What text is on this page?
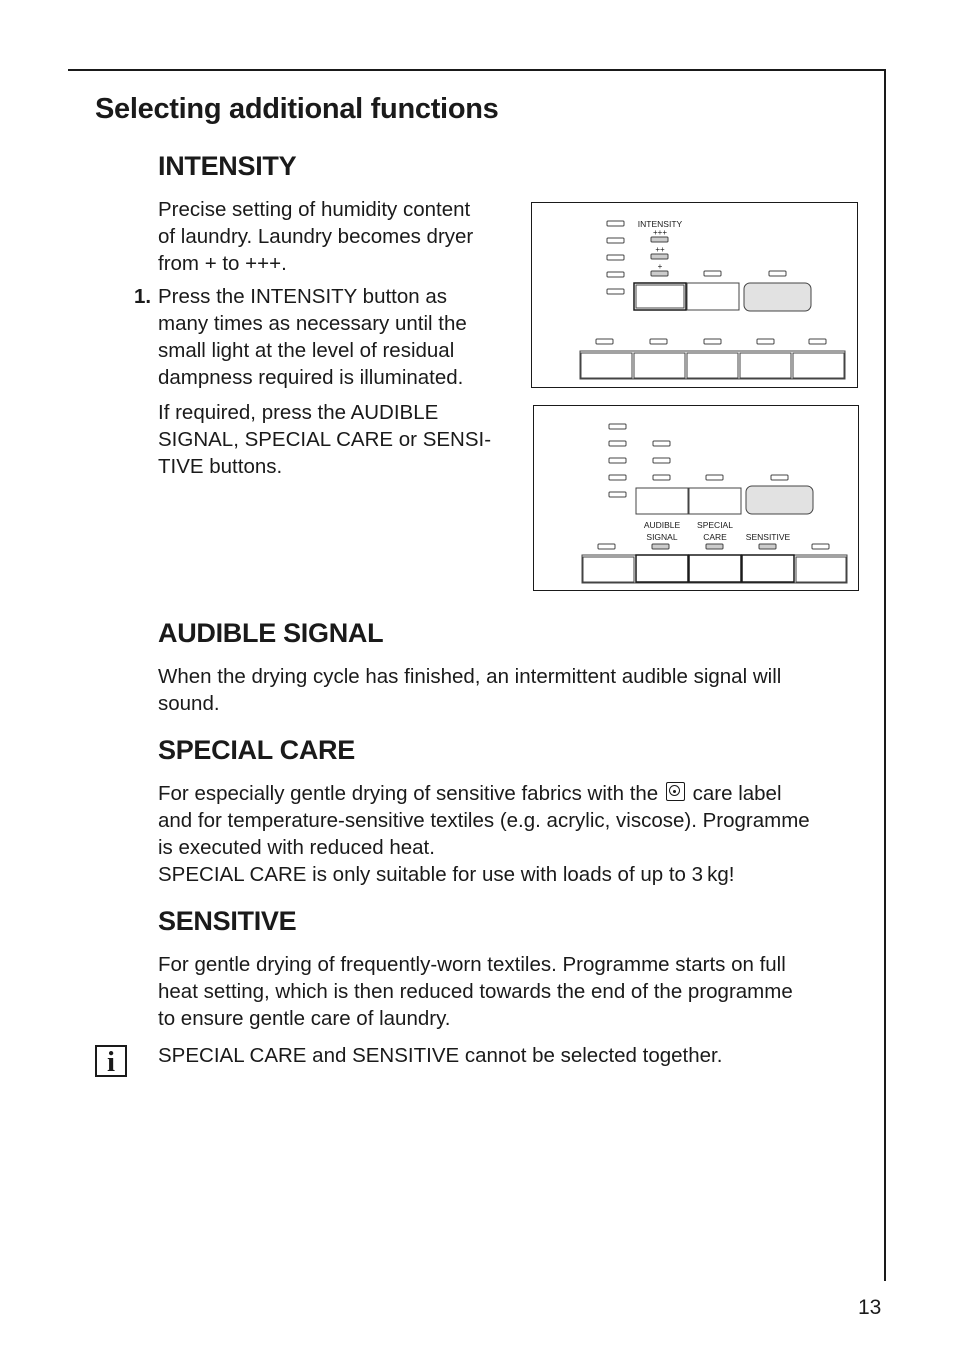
Selecting additional functions
INTENSITY
Precise setting of humidity content
of laundry. Laundry becomes dryer
from + to +++.
1. Press the INTENSITY button as
many times as necessary until the
small light at the level of residual
dampness required is illuminated.
If required, press the AUDIBLE
SIGNAL, SPECIAL CARE or SENSI-
TIVE buttons.
INTENSITY
+++
++
+
AUDIBLE
SIGNAL
SPECIAL
CARE SENSITIVE
AUDIBLE SIGNAL
When the drying cycle has finished, an intermittent audible signal will
sound.
SPECIAL CARE
For especially gentle drying of sensitive fabrics with the care label
and for temperature-sensitive textiles (e.g. acrylic, viscose). Programme
is executed with reduced heat.
SPECIAL CARE is only suitable for use with loads of up to 3 kg!
SENSITIVE
For gentle drying of frequently-worn textiles. Programme starts on full
heat setting, which is then reduced towards the end of the programme
to ensure gentle care of laundry.
i	SPECIAL CARE and SENSITIVE cannot be selected together.
13
